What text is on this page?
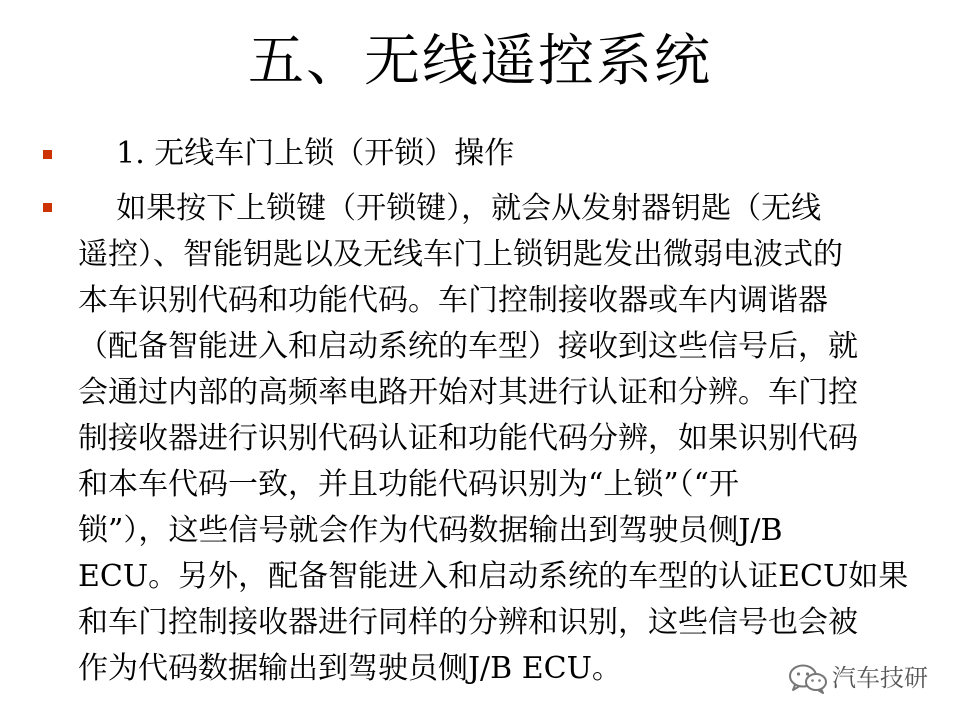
五、无线遥控系统
1. 无线车门上锁（开锁）操作
如果按下上锁键（开锁键），就会从发射器钥匙（无线
遥控）、智能钥匙以及无线车门上锁钥匙发出微弱电波式的
本车识别代码和功能代码。车门控制接收器或车内调谐器
（配备智能进入和启动系统的车型）接收到这些信号后，就
会通过内部的高频率电路开始对其进行认证和分辨。车门控
制接收器进行识别代码认证和功能代码分辨，如果识别代码
和本车代码一致，并且功能代码识别为“上锁”（“开
锁”），这些信号就会作为代码数据输出到驾驶员侧J/B
ECU。另外，配备智能进入和启动系统的车型的认证ECU如果
和车门控制接收器进行同样的分辨和识别，这些信号也会被
作为代码数据输出到驾驶员侧J/B ECU。	汽车技研
